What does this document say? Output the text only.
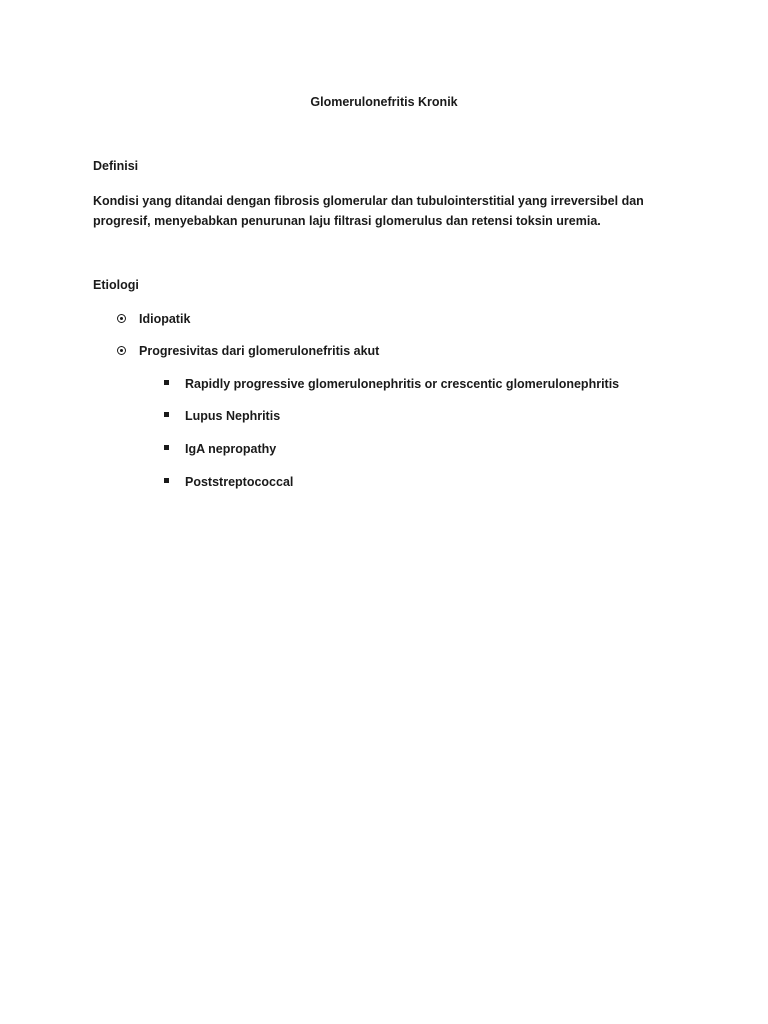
Glomerulonefritis Kronik
Definisi

Kondisi yang ditandai dengan fibrosis glomerular dan tubulointerstitial yang irreversibel dan

progresif, menyebabkan penurunan laju filtrasi glomerulus dan retensi toksin uremia.

Etiologi
Idiopatik
Progresivitas dari glomerulonefritis akut
Rapidly progressive glomerulonephritis or crescentic glomerulonephritis
Lupus Nephritis
IgA nepropathy
Poststreptococcal
